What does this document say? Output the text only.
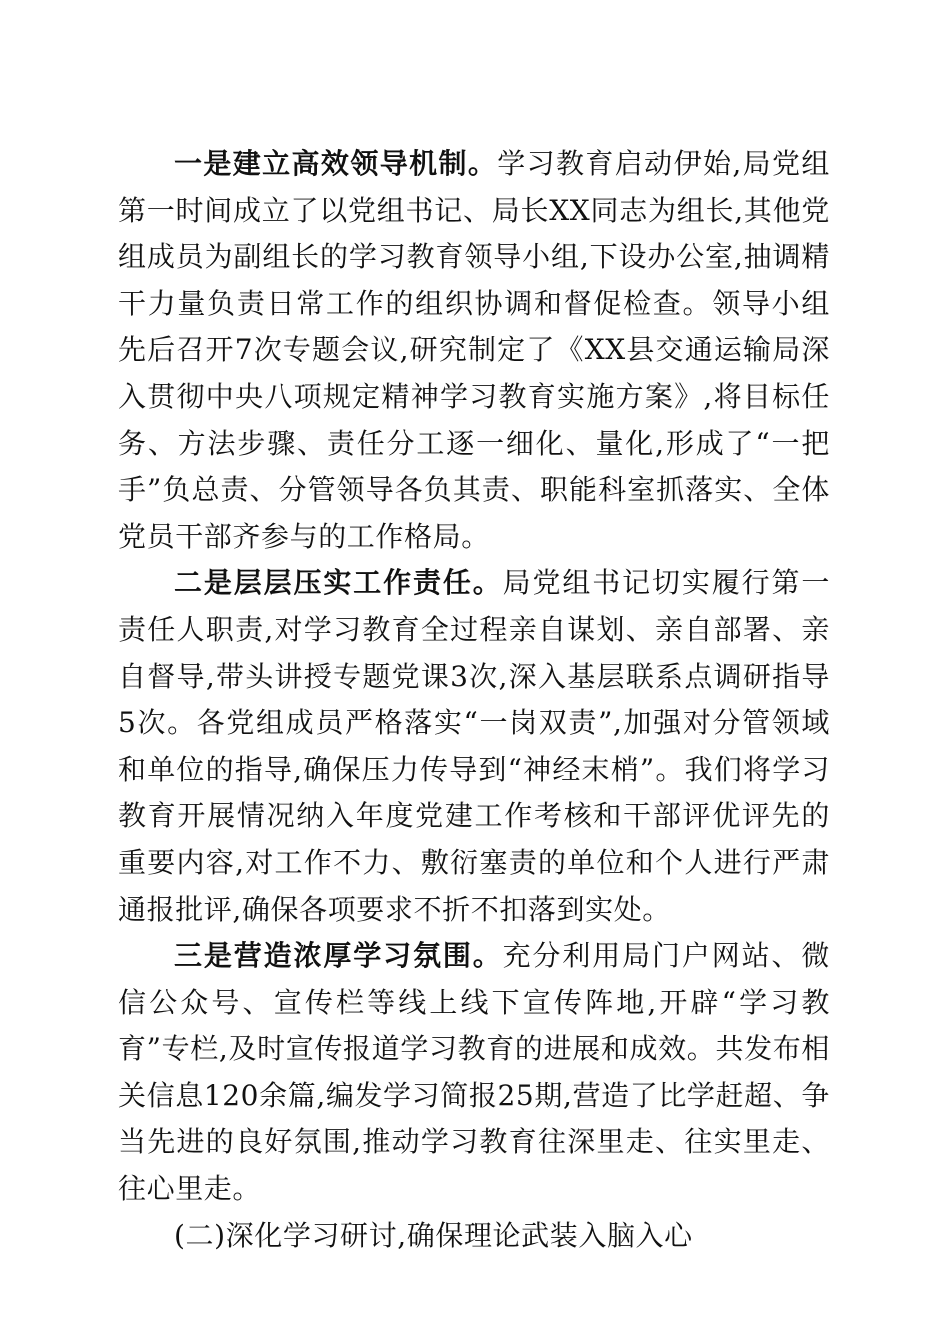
一是建立高效领导机制。学习教育启动伊始,局党组第一时间成立了以党组书记、局长XX同志为组长,其他党组成员为副组长的学习教育领导小组,下设办公室,抽调精干力量负责日常工作的组织协调和督促检查。领导小组先后召开7次专题会议,研究制定了《XX县交通运输局深入贯彻中央八项规定精神学习教育实施方案》,将目标任务、方法步骤、责任分工逐一细化、量化,形成了“一把手”负总责、分管领导各负其责、职能科室抓落实、全体党员干部齐参与的工作格局。

二是层层压实工作责任。局党组书记切实履行第一责任人职责,对学习教育全过程亲自谋划、亲自部署、亲自督导,带头讲授专题党课3次,深入基层联系点调研指导5次。各党组成员严格落实“一岗双责”,加强对分管领域和单位的指导,确保压力传导到“神经末梢”。我们将学习教育开展情况纳入年度党建工作考核和干部评优评先的重要内容,对工作不力、敷衍塞责的单位和个人进行严肃通报批评,确保各项要求不折不扣落到实处。

三是营造浓厚学习氛围。充分利用局门户网站、微信公众号、宣传栏等线上线下宣传阵地,开辟“学习教育”专栏,及时宣传报道学习教育的进展和成效。共发布相关信息120余篇,编发学习简报25期,营造了比学赶超、争当先进的良好氛围,推动学习教育往深里走、往实里走、往心里走。

(二)深化学习研讨,确保理论武装入脑入心
